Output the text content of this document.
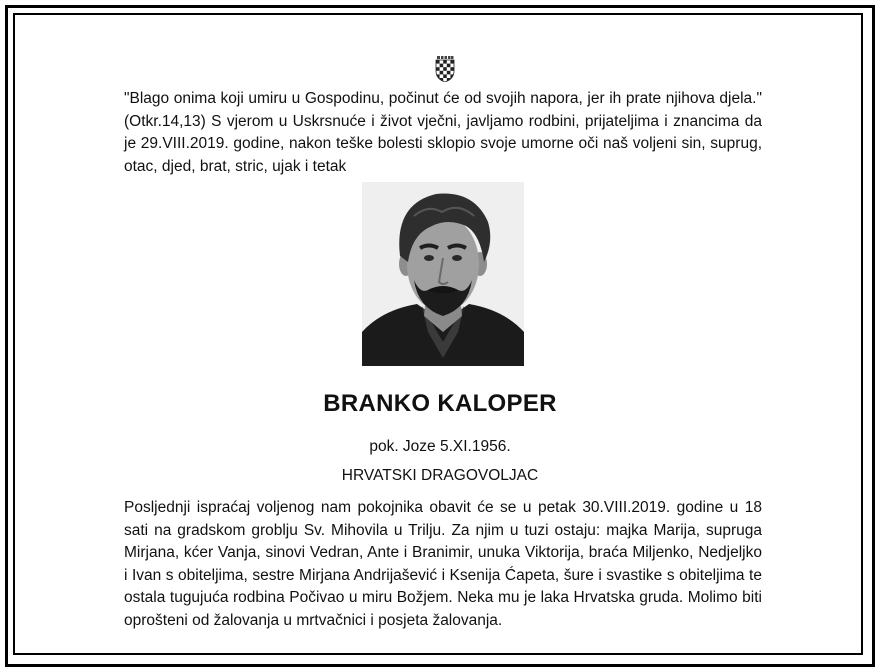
"Blago onima koji umiru u Gospodinu, počinut će od svojih napora, jer ih prate njihova djela." (Otkr.14,13) S vjerom u Uskrsnuće i život vječni, javljamo rodbini, prijateljima i znancima da je 29.VIII.2019. godine, nakon teške bolesti sklopio svoje umorne oči naš voljeni sin, suprug, otac, djed, brat, stric, ujak i tetak

BRANKO KALOPER

pok. Joze 5.XI.1956.

HRVATSKI DRAGOVOLJAC

Posljednji ispraćaj voljenog nam pokojnika obavit će se u petak 30.VIII.2019. godine u 18 sati na gradskom groblju Sv. Mihovila u Trilju. Za njim u tuzi ostaju: majka Marija, supruga Mirjana, kćer Vanja, sinovi Vedran, Ante i Branimir, unuka Viktorija, braća Miljenko, Nedjeljko i Ivan s obiteljima, sestre Mirjana Andrijašević i Ksenija Ćapeta, šure i svastike s obiteljima te ostala tugujuća rodbina Počivao u miru Božjem. Neka mu je laka Hrvatska gruda. Molimo biti oprošteni od žalovanja u mrtvačnici i posjeta žalovanja.
